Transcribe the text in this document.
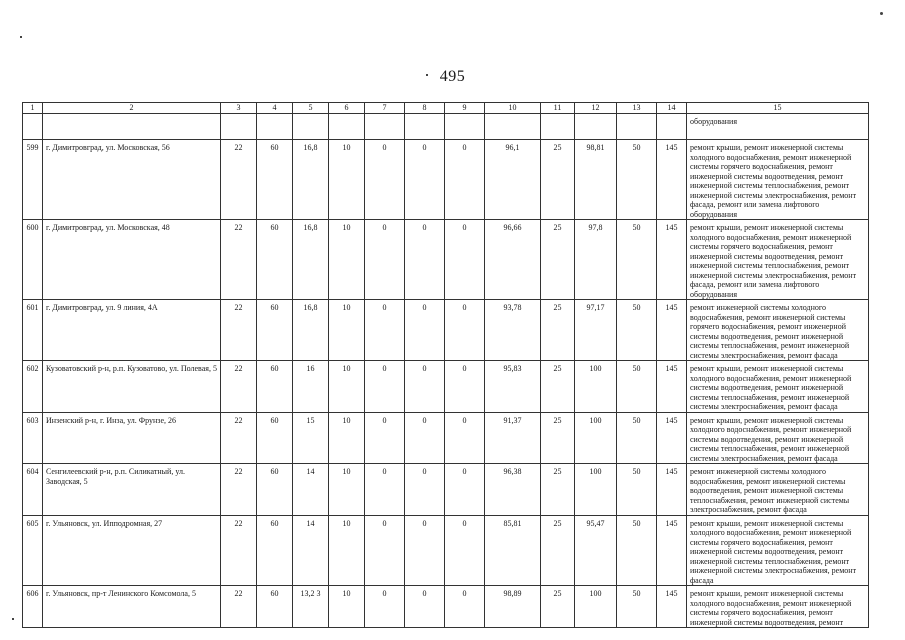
495
1	2	3	4	5	6	7	8	9	10	11	12	13	14	15
														оборудования
599	г. Димитровград, ул. Московская, 56	22	60	16,8	10	0	0	0	96,1	25	98,81	50	145	ремонт крыши, ремонт инженерной системы холодного водоснабжения, ремонт инженерной системы горячего водоснабжения, ремонт инженерной системы водоотведения, ремонт инженерной системы теплоснабжения, ремонт инженерной системы электроснабжения, ремонт фасада, ремонт или замена лифтового оборудования
600	г. Димитровград, ул. Московская, 48	22	60	16,8	10	0	0	0	96,66	25	97,8	50	145	ремонт крыши, ремонт инженерной системы холодного водоснабжения, ремонт инженерной системы горячего водоснабжения, ремонт инженерной системы водоотведения, ремонт инженерной системы теплоснабжения, ремонт инженерной системы электроснабжения, ремонт фасада, ремонт или замена лифтового оборудования
601	г. Димитровград, ул. 9 линия, 4А	22	60	16,8	10	0	0	0	93,78	25	97,17	50	145	ремонт инженерной системы холодного водоснабжения, ремонт инженерной системы горячего водоснабжения, ремонт инженерной системы водоотведения, ремонт инженерной системы теплоснабжения, ремонт инженерной системы электроснабжения, ремонт фасада
602	Кузоватовский р-н, р.п. Кузоватово, ул. Полевая, 5	22	60	16	10	0	0	0	95,83	25	100	50	145	ремонт крыши, ремонт инженерной системы холодного водоснабжения, ремонт инженерной системы водоотведения, ремонт инженерной системы теплоснабжения, ремонт инженерной системы электроснабжения, ремонт фасада
603	Инзенский р-н, г. Инза, ул. Фрунзе, 26	22	60	15	10	0	0	0	91,37	25	100	50	145	ремонт крыши, ремонт инженерной системы холодного водоснабжения, ремонт инженерной системы водоотведения, ремонт инженерной системы теплоснабжения, ремонт инженерной системы электроснабжения, ремонт фасада
604	Сенгилеевский р-н, р.п. Силикатный, ул. Заводская, 5	22	60	14	10	0	0	0	96,38	25	100	50	145	ремонт инженерной системы холодного водоснабжения, ремонт инженерной системы водоотведения, ремонт инженерной системы теплоснабжения, ремонт инженерной системы электроснабжения, ремонт фасада
605	г. Ульяновск, ул. Ипподромная, 27	22	60	14	10	0	0	0	85,81	25	95,47	50	145	ремонт крыши, ремонт инженерной системы холодного водоснабжения, ремонт инженерной системы горячего водоснабжения, ремонт инженерной системы водоотведения, ремонт инженерной системы теплоснабжения, ремонт инженерной системы электроснабжения, ремонт фасада
606	г. Ульяновск, пр-т Ленинского Комсомола, 5	22	60	13,2 3	10	0	0	0	98,89	25	100	50	145	ремонт крыши, ремонт инженерной системы холодного водоснабжения, ремонт инженерной системы горячего водоснабжения, ремонт инженерной системы водоотведения, ремонт
